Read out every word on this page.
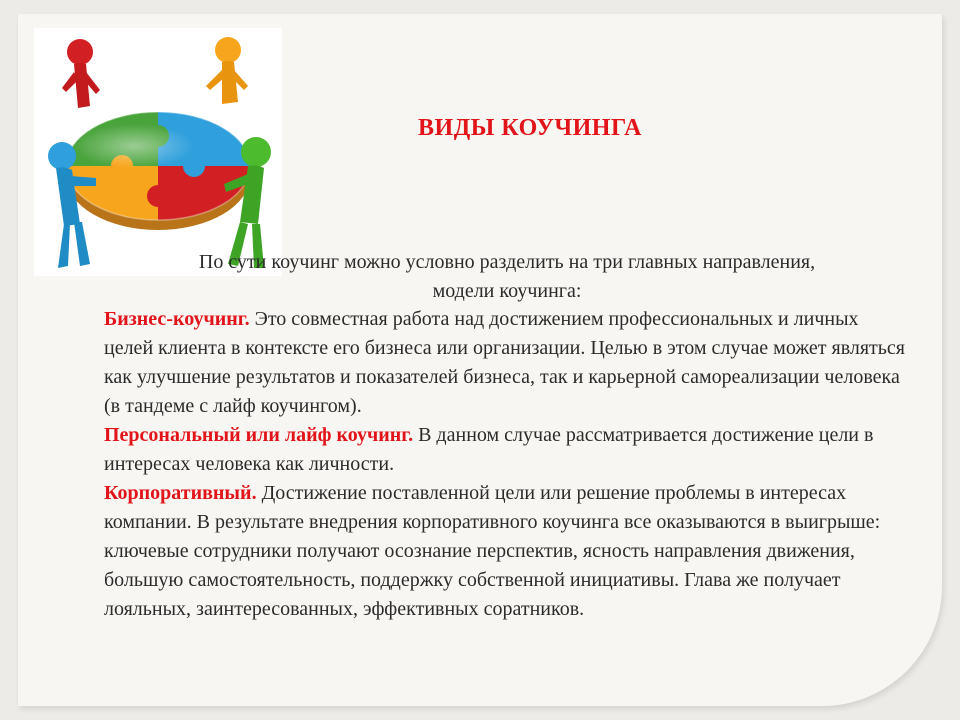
ВИДЫ КОУЧИНГА
По сути коучинг можно условно разделить на три главных направления,
модели коучинга:

Бизнес-коучинг. Это совместная работа над достижением профессиональных и личных целей клиента в контексте его бизнеса или организации. Целью в этом случае может являться как улучшение результатов и показателей бизнеса, так и карьерной самореализации человека (в тандеме с лайф коучингом).

Персональный или лайф коучинг. В данном случае рассматривается достижение цели в интересах человека как личности.

Корпоративный. Достижение поставленной цели или решение проблемы в интересах компании. В результате внедрения корпоративного коучинга все оказываются в выигрыше: ключевые сотрудники получают осознание перспектив, ясность направления движения, большую самостоятельность, поддержку собственной инициативы. Глава же получает лояльных, заинтересованных, эффективных соратников.
